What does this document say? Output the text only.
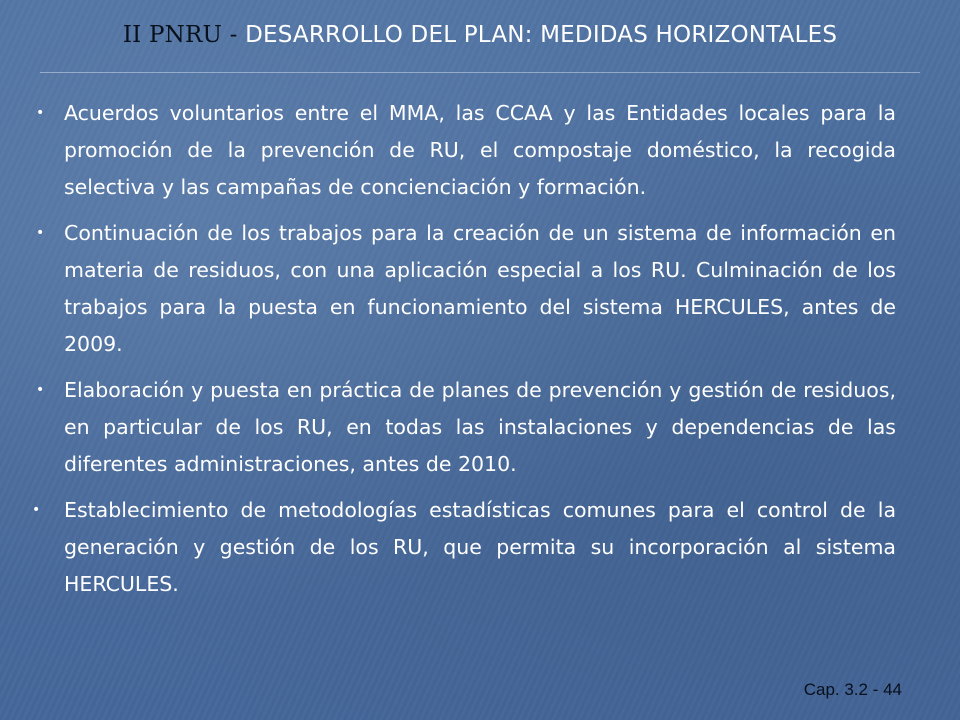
II PNRU - DESARROLLO DEL PLAN: MEDIDAS HORIZONTALES
• Acuerdos voluntarios entre el MMA, las CCAA y las Entidades locales para la promoción de la prevención de RU, el compostaje doméstico, la recogida selectiva y las campañas de concienciación y formación.
• Continuación de los trabajos para la creación de un sistema de información en materia de residuos, con una aplicación especial a los RU. Culminación de los trabajos para la puesta en funcionamiento del sistema HERCULES, antes de 2009.
• Elaboración y puesta en práctica de planes de prevención y gestión de residuos, en particular de los RU, en todas las instalaciones y dependencias de las diferentes administraciones, antes de 2010.
• Establecimiento de metodologías estadísticas comunes para el control de la generación y gestión de los RU, que permita su incorporación al sistema HERCULES.
Cap. 3.2 - 44
